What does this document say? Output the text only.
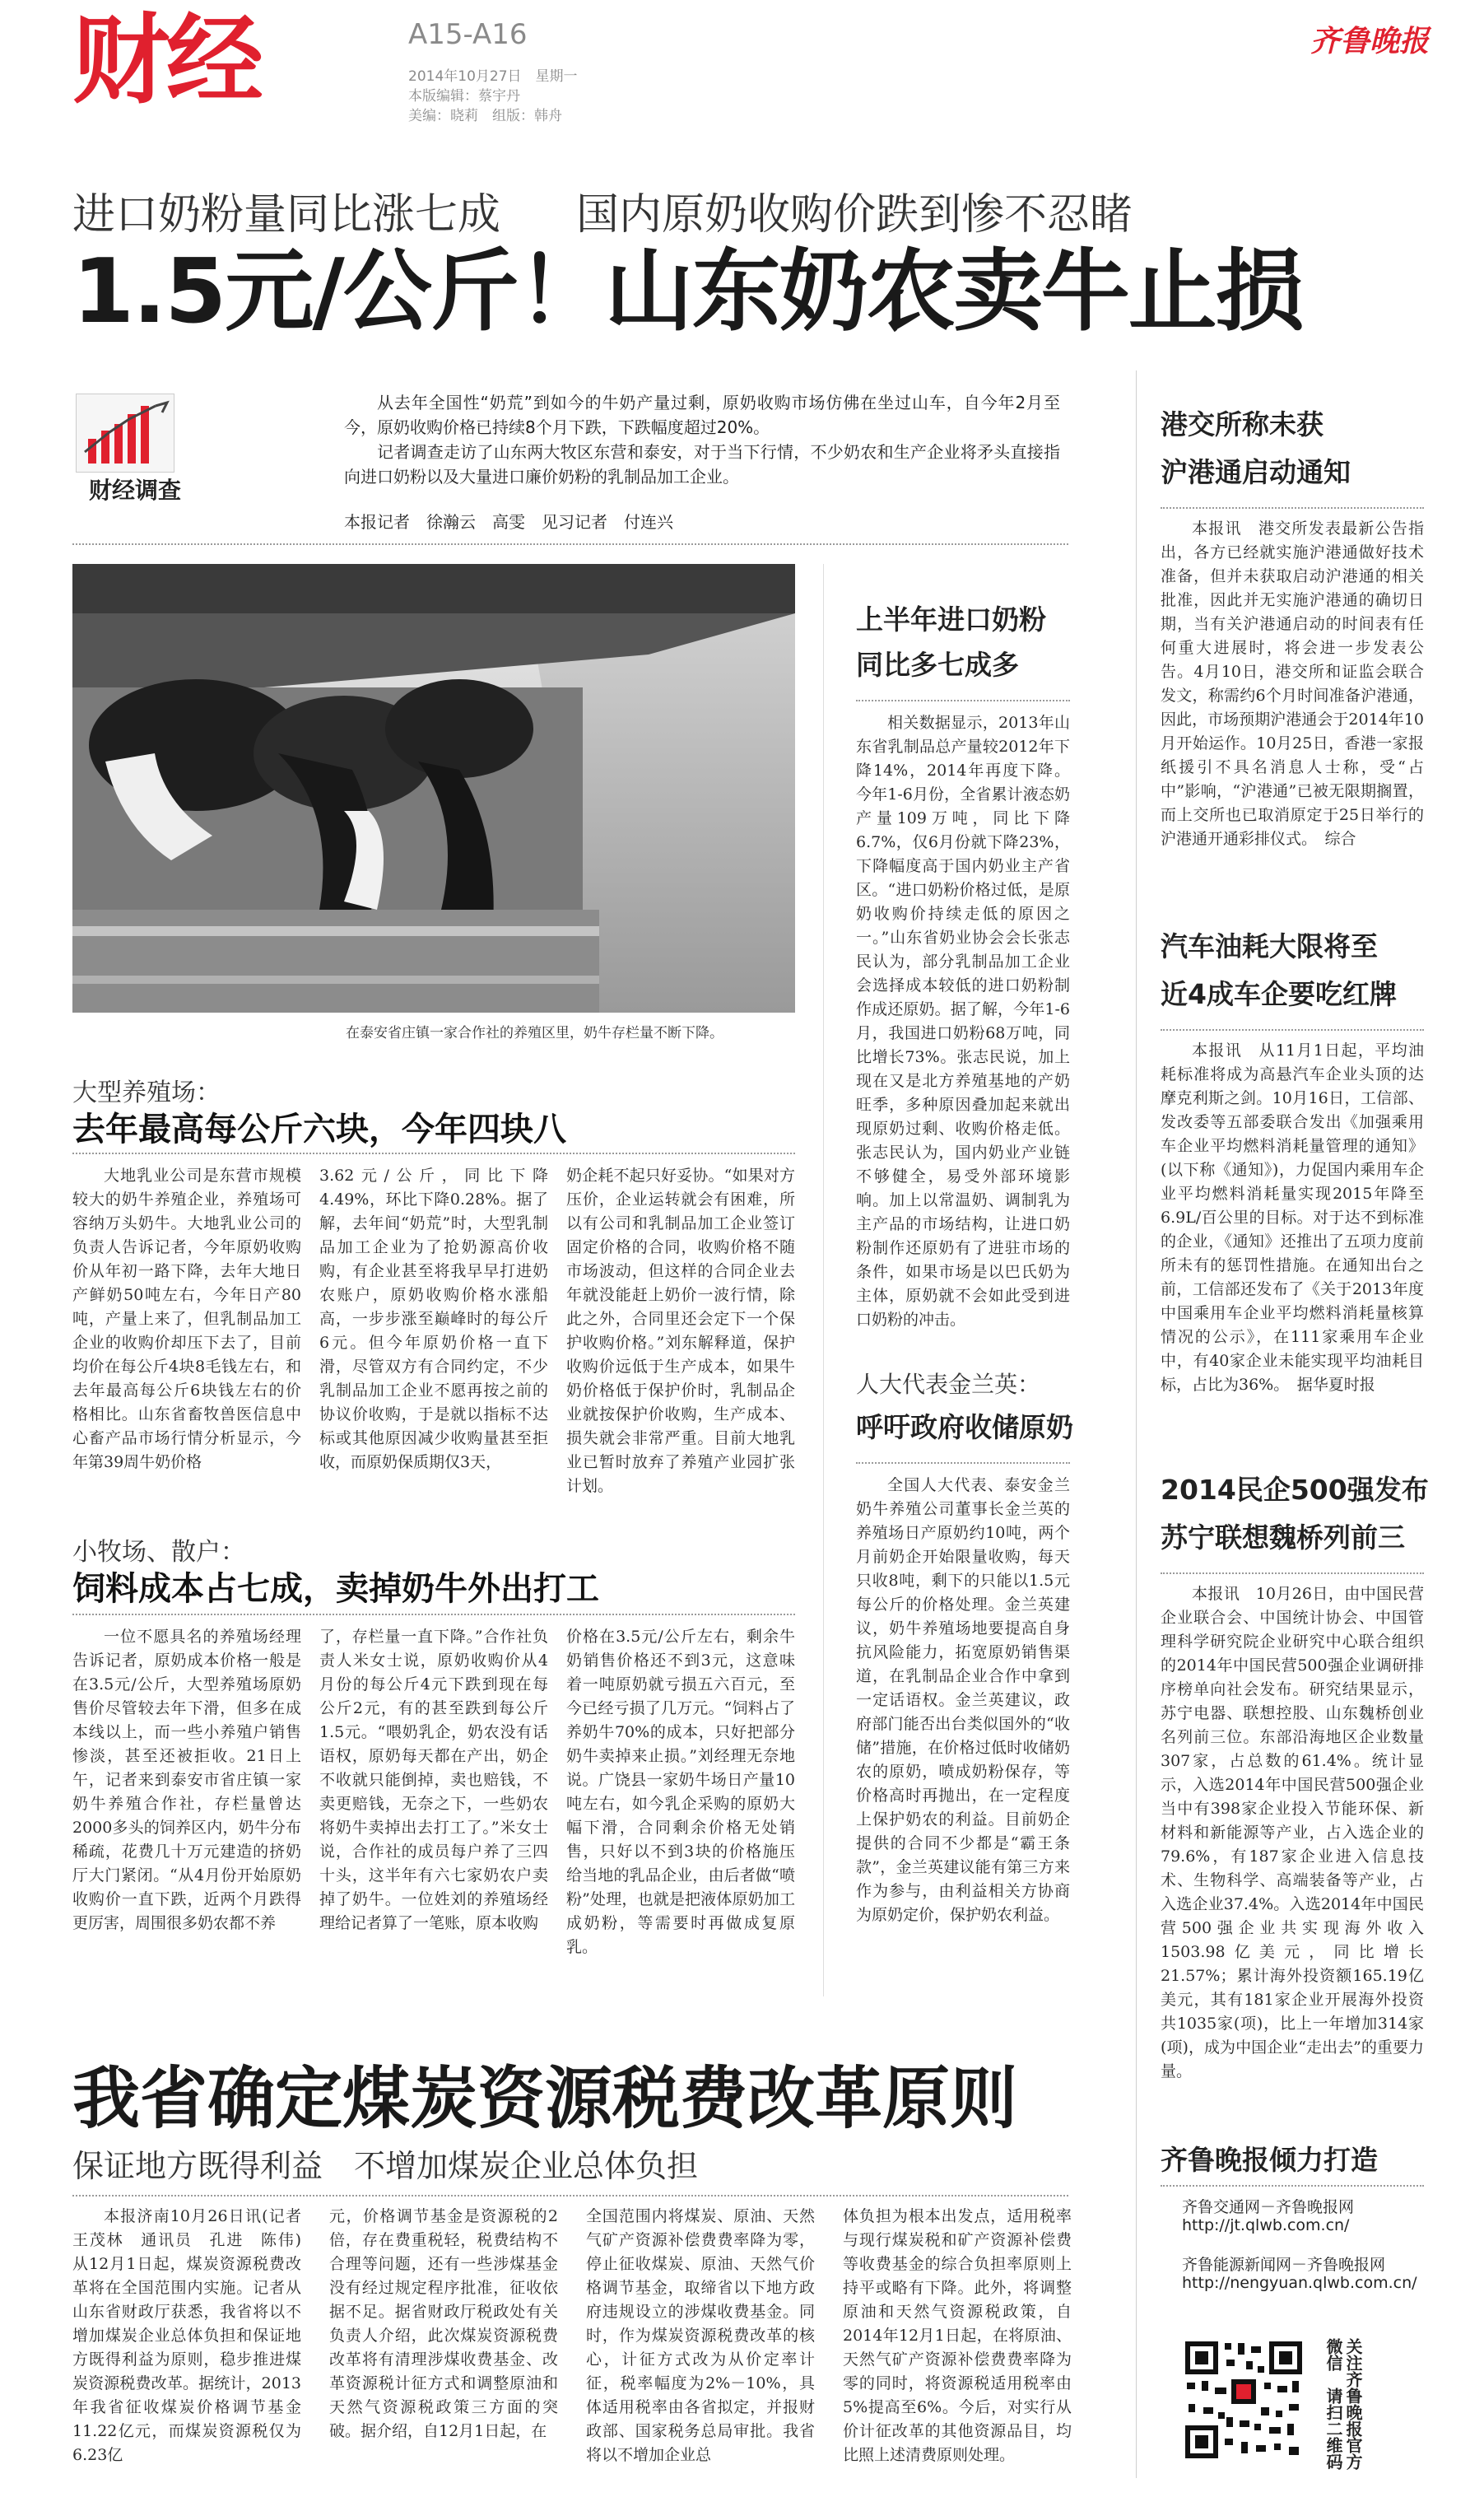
财经	A15-A16
2014年10月27日　星期一
本版编辑：蔡宇丹
美编：晓莉　组版：韩舟
齐鲁晚报
进口奶粉量同比涨七成 国内原奶收购价跌到惨不忍睹
1.5元/公斤！山东奶农卖牛止损
财经调查

从去年全国性“奶荒”到如今的牛奶产量过剩，原奶收购市场仿佛在坐过山车，自今年2月至今，原奶收购价格已持续8个月下跌，下跌幅度超过20%。

记者调查走访了山东两大牧区东营和泰安，对于当下行情，不少奶农和生产企业将矛头直接指向进口奶粉以及大量进口廉价奶粉的乳制品加工企业。

本报记者　徐瀚云　高雯　见习记者　付连兴
在泰安省庄镇一家合作社的养殖区里，奶牛存栏量不断下降。
大型养殖场：
去年最高每公斤六块，今年四块八

大地乳业公司是东营市规模较大的奶牛养殖企业，养殖场可容纳万头奶牛。大地乳业公司的负责人告诉记者，今年原奶收购价从年初一路下降，去年大地日产鲜奶50吨左右，今年日产80吨，产量上来了，但乳制品加工企业的收购价却压下去了，目前均价在每公斤4块8毛钱左右，和去年最高每公斤6块钱左右的价格相比。山东省畜牧兽医信息中心畜产品市场行情分析显示，今年第39周牛奶价格

3.62元/公斤，同比下降4.49%，环比下降0.28%。据了解，去年间“奶荒”时，大型乳制品加工企业为了抢奶源高价收购，有企业甚至将我早早打进奶农账户，原奶收购价格水涨船高，一步步涨至巅峰时的每公斤6元。但今年原奶价格一直下滑，尽管双方有合同约定，不少乳制品加工企业不愿再按之前的协议价收购，于是就以指标不达标或其他原因减少收购量甚至拒收，而原奶保质期仅3天，

奶企耗不起只好妥协。“如果对方压价，企业运转就会有困难，所以有公司和乳制品加工企业签订固定价格的合同，收购价格不随市场波动，但这样的合同企业去年就没能赶上奶价一波行情，除此之外，合同里还会定下一个保护收购价格。”刘东解释道，保护收购价远低于生产成本，如果牛奶价格低于保护价时，乳制品企业就按保护价收购，生产成本、损失就会非常严重。目前大地乳业已暂时放弃了养殖产业园扩张计划。

小牧场、散户：
饲料成本占七成，卖掉奶牛外出打工

一位不愿具名的养殖场经理告诉记者，原奶成本价格一般是在3.5元/公斤，大型养殖场原奶售价尽管较去年下滑，但多在成本线以上，而一些小养殖户销售惨淡，甚至还被拒收。21日上午，记者来到泰安市省庄镇一家奶牛养殖合作社，存栏量曾达2000多头的饲养区内，奶牛分布稀疏，花费几十万元建造的挤奶厅大门紧闭。“从4月份开始原奶收购价一直下跌，近两个月跌得更厉害，周围很多奶农都不养

了，存栏量一直下降。”合作社负责人米女士说，原奶收购价从4月份的每公斤4元下跌到现在每公斤2元，有的甚至跌到每公斤1.5元。“喂奶乳企，奶农没有话语权，原奶每天都在产出，奶企不收就只能倒掉，卖也赔钱，不卖更赔钱，无奈之下，一些奶农将奶牛卖掉出去打工了。”米女士说，合作社的成员每户养了三四十头，这半年有六七家奶农户卖掉了奶牛。一位姓刘的养殖场经理给记者算了一笔账，原本收购

价格在3.5元/公斤左右，剩余牛奶销售价格还不到3元，这意味着一吨原奶就亏损五六百元，至今已经亏损了几万元。“饲料占了养奶牛70%的成本，只好把部分奶牛卖掉来止损。”刘经理无奈地说。广饶县一家奶牛场日产量10吨左右，如今乳企采购的原奶大幅下滑，合同剩余价格无处销售，只好以不到3块的价格施压给当地的乳品企业，由后者做“喷粉”处理，也就是把液体原奶加工成奶粉，等需要时再做成复原乳。

上半年进口奶粉
同比多七成多

相关数据显示，2013年山东省乳制品总产量较2012年下降14%，2014年再度下降。今年1-6月份，全省累计液态奶产量109万吨，同比下降6.7%，仅6月份就下降23%，下降幅度高于国内奶业主产省区。“进口奶粉价格过低，是原奶收购价持续走低的原因之一。”山东省奶业协会会长张志民认为，部分乳制品加工企业会选择成本较低的进口奶粉制作成还原奶。据了解，今年1-6月，我国进口奶粉68万吨，同比增长73%。张志民说，加上现在又是北方养殖基地的产奶旺季，多种原因叠加起来就出现原奶过剩、收购价格走低。张志民认为，国内奶业产业链不够健全，易受外部环境影响。加上以常温奶、调制乳为主产品的市场结构，让进口奶粉制作还原奶有了进驻市场的条件，如果市场是以巴氏奶为主体，原奶就不会如此受到进口奶粉的冲击。

人大代表金兰英：
呼吁政府收储原奶

全国人大代表、泰安金兰奶牛养殖公司董事长金兰英的养殖场日产原奶约10吨，两个月前奶企开始限量收购，每天只收8吨，剩下的只能以1.5元每公斤的价格处理。金兰英建议，奶牛养殖场地要提高自身抗风险能力，拓宽原奶销售渠道，在乳制品企业合作中拿到一定话语权。金兰英建议，政府部门能否出台类似国外的“收储”措施，在价格过低时收储奶农的原奶，喷成奶粉保存，等价格高时再抛出，在一定程度上保护奶农的利益。目前奶企提供的合同不少都是“霸王条款”，金兰英建议能有第三方来作为参与，由利益相关方协商为原奶定价，保护奶农利益。

港交所称未获
沪港通启动通知

本报讯　港交所发表最新公告指出，各方已经就实施沪港通做好技术准备，但并未获取启动沪港通的相关批准，因此并无实施沪港通的确切日期，当有关沪港通启动的时间表有任何重大进展时，将会进一步发表公告。4月10日，港交所和证监会联合发文，称需约6个月时间准备沪港通，因此，市场预期沪港通会于2014年10月开始运作。10月25日，香港一家报纸援引不具名消息人士称，受“占中”影响，“沪港通”已被无限期搁置，而上交所也已取消原定于25日举行的沪港通开通彩排仪式。　综合

汽车油耗大限将至
近4成车企要吃红牌

本报讯　从11月1日起，平均油耗标准将成为高悬汽车企业头顶的达摩克利斯之剑。10月16日，工信部、发改委等五部委联合发出《加强乘用车企业平均燃料消耗量管理的通知》(以下称《通知》)，力促国内乘用车企业平均燃料消耗量实现2015年降至6.9L/百公里的目标。对于达不到标准的企业，《通知》还推出了五项力度前所未有的惩罚性措施。在通知出台之前，工信部还发布了《关于2013年度中国乘用车企业平均燃料消耗量核算情况的公示》，在111家乘用车企业中，有40家企业未能实现平均油耗目标，占比为36%。　据华夏时报

2014民企500强发布
苏宁联想魏桥列前三

本报讯　10月26日，由中国民营企业联合会、中国统计协会、中国管理科学研究院企业研究中心联合组织的2014年中国民营500强企业调研排序榜单向社会发布。研究结果显示，苏宁电器、联想控股、山东魏桥创业名列前三位。东部沿海地区企业数量307家，占总数的61.4%。统计显示，入选2014年中国民营500强企业当中有398家企业投入节能环保、新材料和新能源等产业，占入选企业的79.6%，有187家企业进入信息技术、生物科学、高端装备等产业，占入选企业37.4%。入选2014年中国民营500强企业共实现海外收入1503.98亿美元，同比增长21.57%；累计海外投资额165.19亿美元，其有181家企业开展海外投资共1035家(项)，比上一年增加314家(项)，成为中国企业“走出去”的重要力量。

齐鲁晚报倾力打造
齐鲁交通网－齐鲁晚报网
http://jt.qlwb.com.cn/
齐鲁能源新闻网－齐鲁晚报网
http://nengyuan.qlwb.com.cn/
关注齐鲁晚报官方微信　请扫二维码
我省确定煤炭资源税费改革原则
保证地方既得利益　不增加煤炭企业总体负担

本报济南10月26日讯(记者　王茂林　通讯员　孔进　陈伟)　从12月1日起，煤炭资源税费改革将在全国范围内实施。记者从山东省财政厅获悉，我省将以不增加煤炭企业总体负担和保证地方既得利益为原则，稳步推进煤炭资源税费改革。据统计，2013年我省征收煤炭价格调节基金11.22亿元，而煤炭资源税仅为6.23亿

元，价格调节基金是资源税的2倍，存在费重税轻，税费结构不合理等问题，还有一些涉煤基金没有经过规定程序批准，征收依据不足。据省财政厅税政处有关负责人介绍，此次煤炭资源税费改革将有清理涉煤收费基金、改革资源税计征方式和调整原油和天然气资源税政策三方面的突破。据介绍，自12月1日起，在

全国范围内将煤炭、原油、天然气矿产资源补偿费费率降为零，停止征收煤炭、原油、天然气价格调节基金，取缔省以下地方政府违规设立的涉煤收费基金。同时，作为煤炭资源税费改革的核心，计征方式改为从价定率计征，税率幅度为2%－10%，具体适用税率由各省拟定，并报财政部、国家税务总局审批。我省将以不增加企业总

体负担为根本出发点，适用税率与现行煤炭税和矿产资源补偿费等收费基金的综合负担率原则上持平或略有下降。此外，将调整原油和天然气资源税政策，自2014年12月1日起，在将原油、天然气矿产资源补偿费费率降为零的同时，将资源税适用税率由5%提高至6%。今后，对实行从价计征改革的其他资源品目，均比照上述清费原则处理。
